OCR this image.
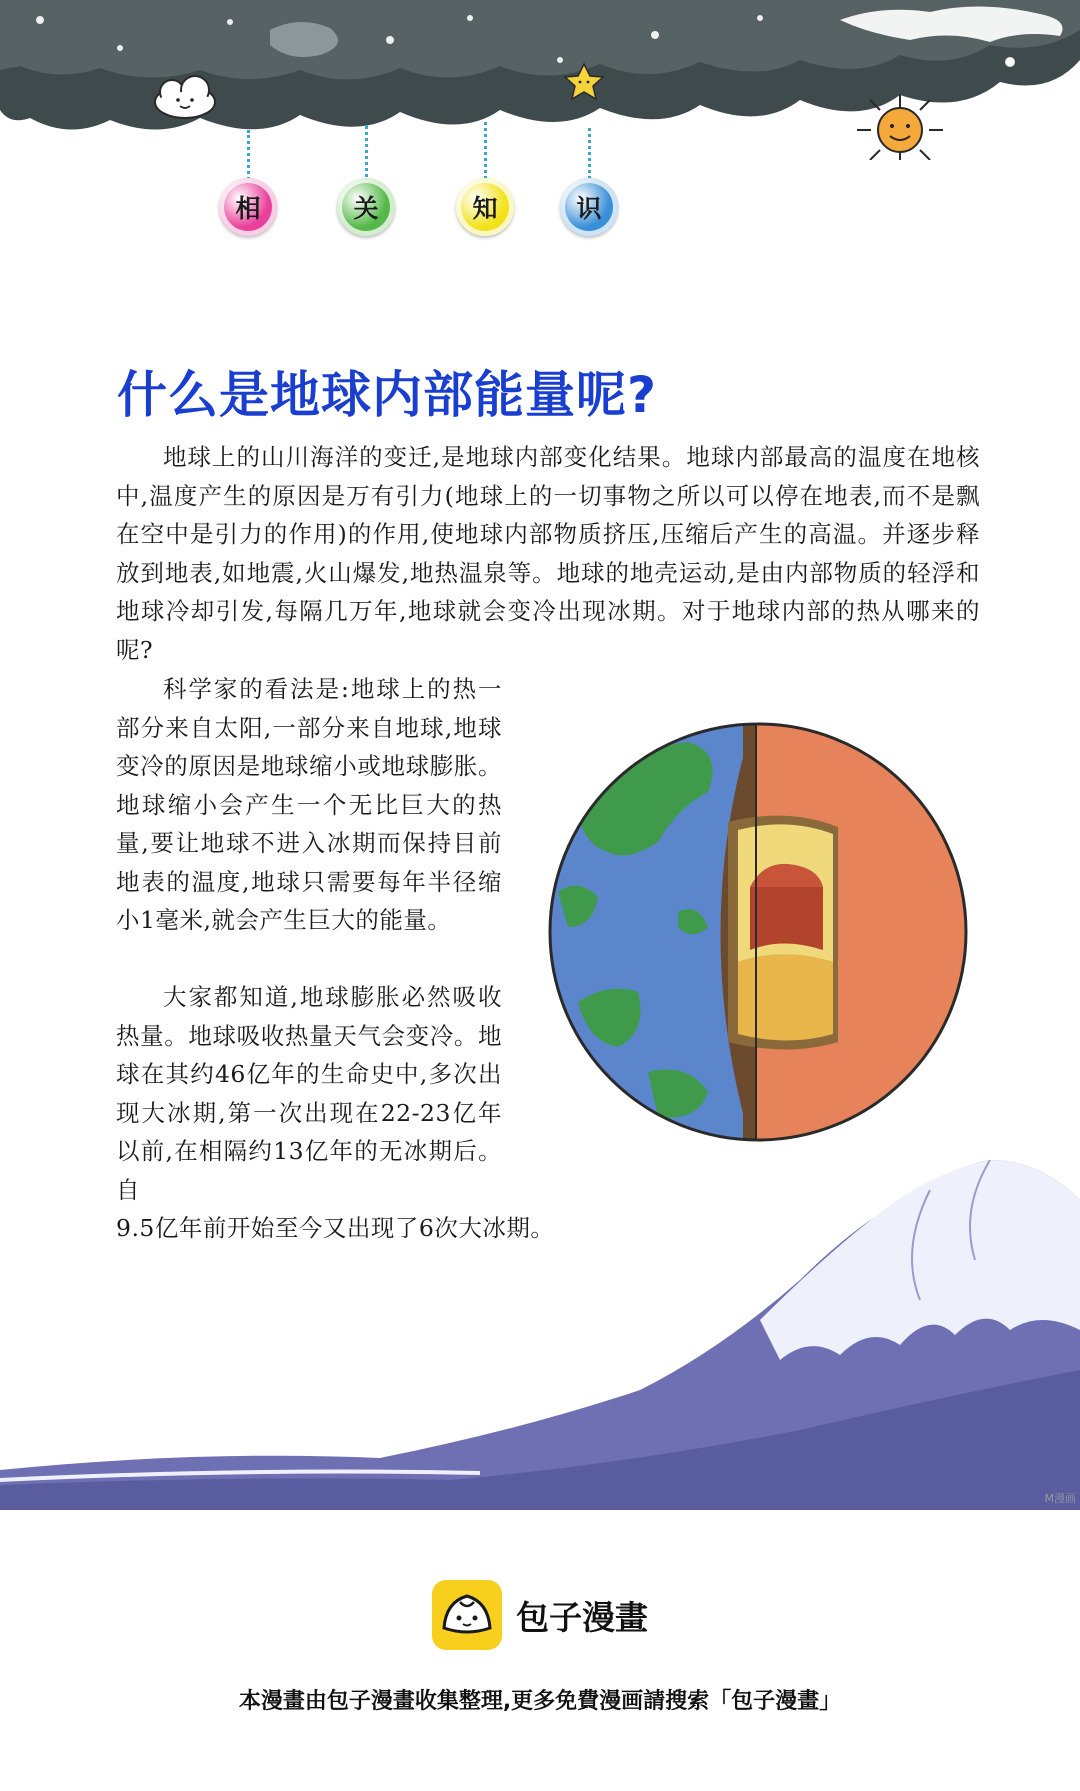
相	关	知	识
什么是地球内部能量呢?

地球上的山川海洋的变迁,是地球内部变化结果。地球内部最高的温度在地核中,温度产生的原因是万有引力(地球上的一切事物之所以可以停在地表,而不是飘在空中是引力的作用)的作用,使地球内部物质挤压,压缩后产生的高温。并逐步释放到地表,如地震,火山爆发,地热温泉等。地球的地壳运动,是由内部物质的轻浮和地球冷却引发,每隔几万年,地球就会变冷出现冰期。对于地球内部的热从哪来的呢?

科学家的看法是:地球上的热一部分来自太阳,一部分来自地球,地球变冷的原因是地球缩小或地球膨胀。地球缩小会产生一个无比巨大的热量,要让地球不进入冰期而保持目前地表的温度,地球只需要每年半径缩小1毫米,就会产生巨大的能量。

大家都知道,地球膨胀必然吸收热量。地球吸收热量天气会变冷。地球在其约46亿年的生命史中,多次出现大冰期,第一次出现在22-23亿年以前,在相隔约13亿年的无冰期后。自

9.5亿年前开始至今又出现了6次大冰期。

M漫画
包子漫畫
本漫畫由包子漫畫收集整理,更多免費漫画請搜索「包子漫畫」
